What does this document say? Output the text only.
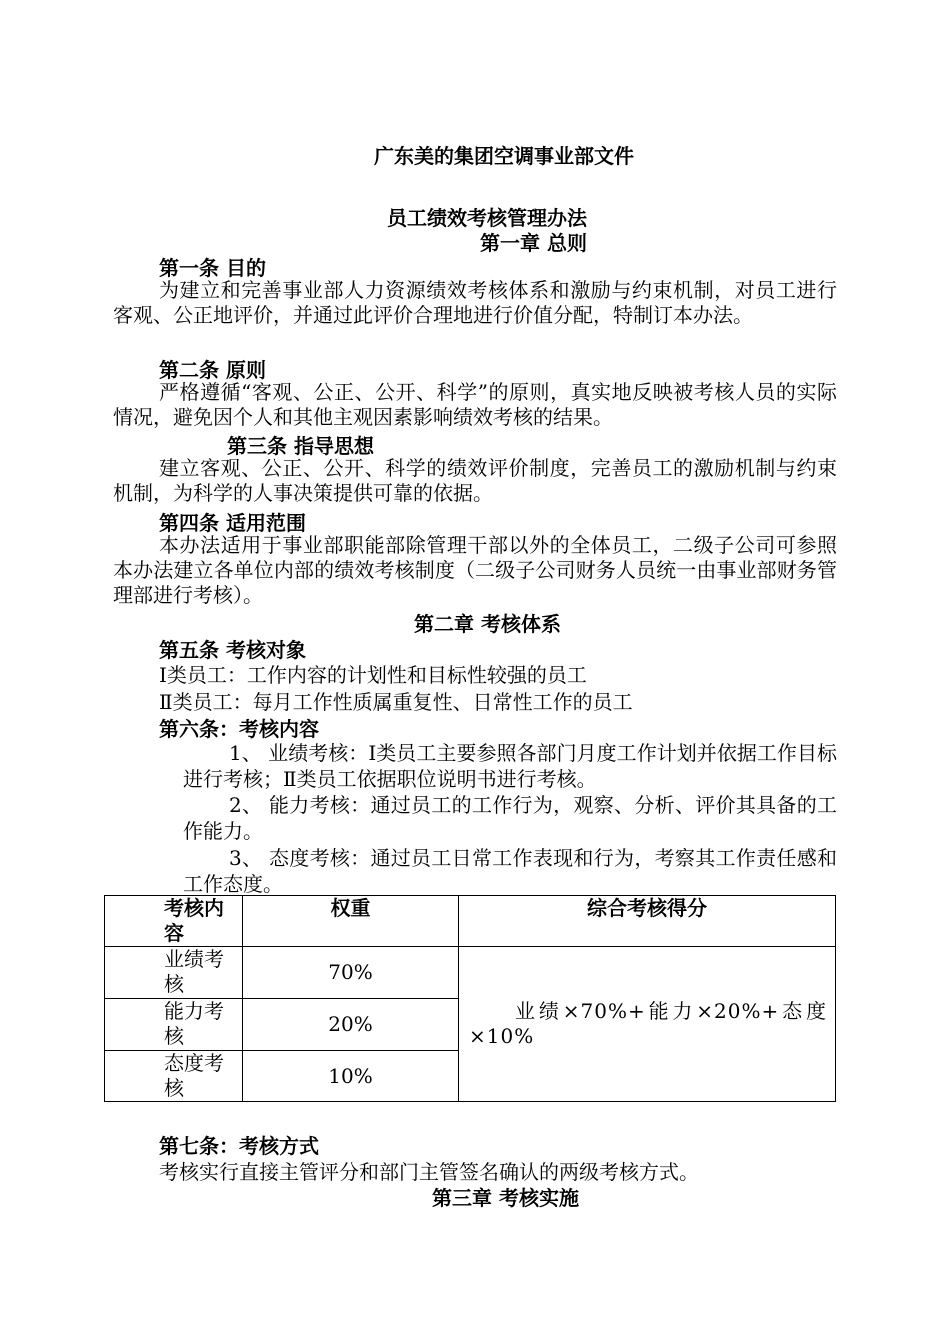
广东美的集团空调事业部文件
员工绩效考核管理办法
第一章 总则
第一条 目的
为建立和完善事业部人力资源绩效考核体系和激励与约束机制，对员工进行客观、公正地评价，并通过此评价合理地进行价值分配，特制订本办法。
第二条 原则
严格遵循“客观、公正、公开、科学”的原则，真实地反映被考核人员的实际情况，避免因个人和其他主观因素影响绩效考核的结果。
第三条 指导思想
建立客观、公正、公开、科学的绩效评价制度，完善员工的激励机制与约束机制，为科学的人事决策提供可靠的依据。
第四条 适用范围
本办法适用于事业部职能部除管理干部以外的全体员工，二级子公司可参照本办法建立各单位内部的绩效考核制度（二级子公司财务人员统一由事业部财务管理部进行考核）。
第二章 考核体系
第五条 考核对象
Ⅰ类员工：工作内容的计划性和目标性较强的员工
Ⅱ类员工：每月工作性质属重复性、日常性工作的员工
第六条：考核内容
1、 业绩考核：Ⅰ类员工主要参照各部门月度工作计划并依据工作目标进行考核；Ⅱ类员工依据职位说明书进行考核。
2、 能力考核：通过员工的工作行为，观察、分析、评价其具备的工作能力。
3、 态度考核：通过员工日常工作表现和行为，考察其工作责任感和工作态度。
考核内容	权重	综合考核得分

业绩考核	70%	业绩×70%+能力×20%+态度×10%

能力考核	20%	

态度考核	10%	
第七条：考核方式
考核实行直接主管评分和部门主管签名确认的两级考核方式。
第三章 考核实施
